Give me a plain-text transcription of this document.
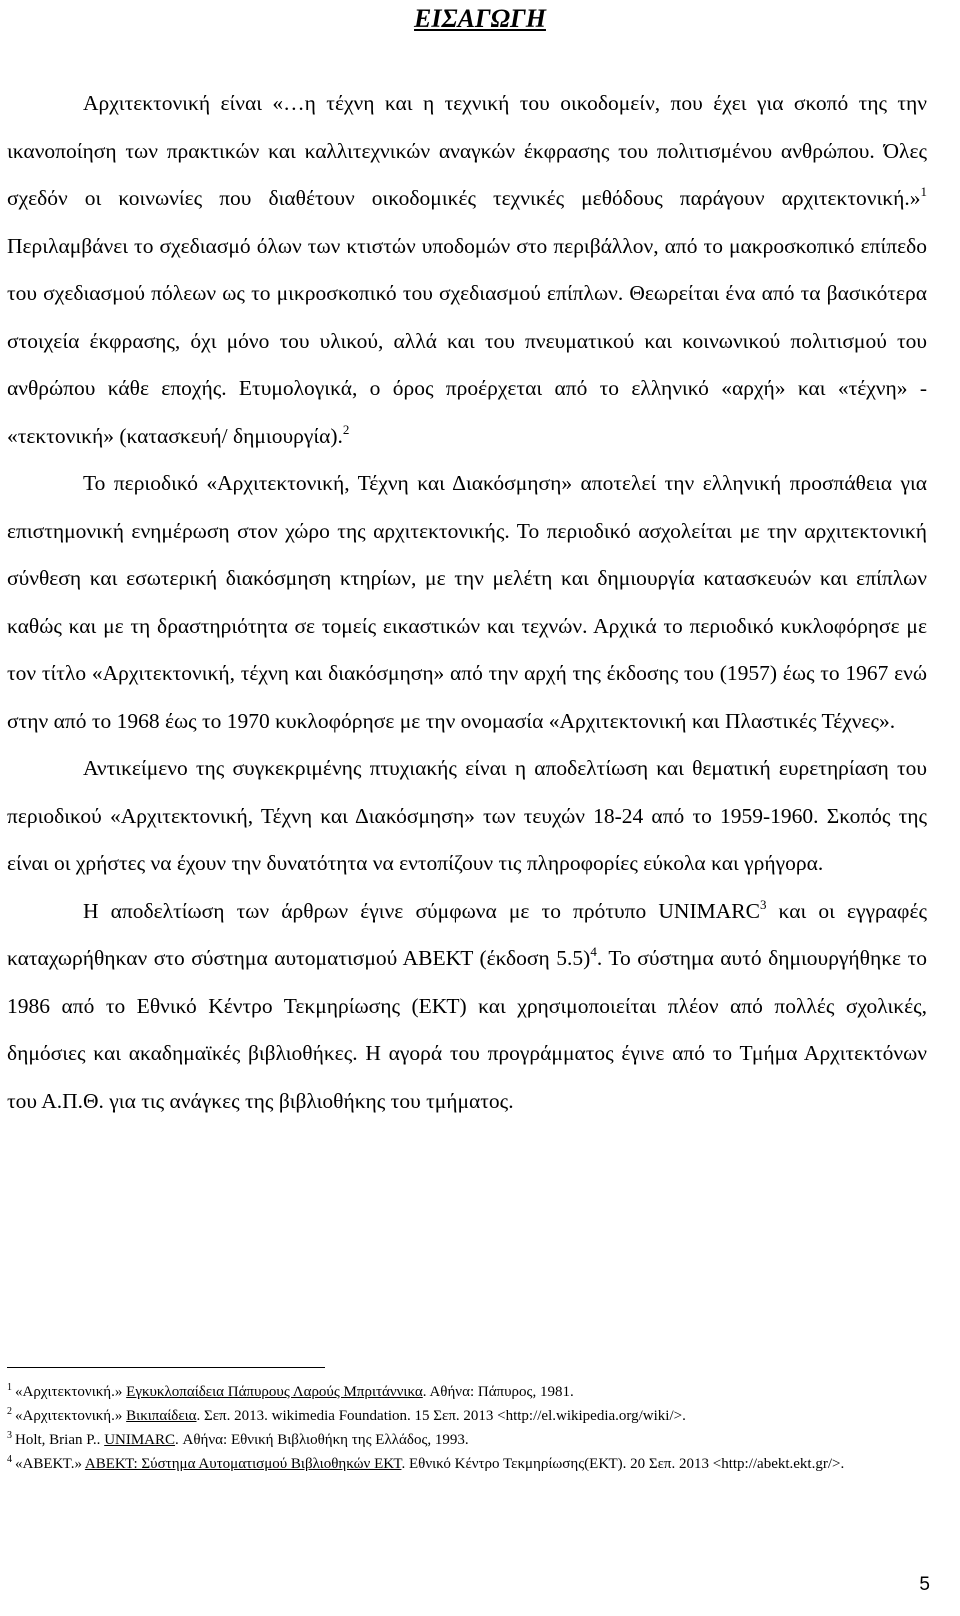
ΕΙΣΑΓΩΓΗ

Αρχιτεκτονική είναι «…η τέχνη και η τεχνική του οικοδομείν, που έχει για σκοπό της την ικανοποίηση των πρακτικών και καλλιτεχνικών αναγκών έκφρασης του πολιτισμένου ανθρώπου. Όλες σχεδόν οι κοινωνίες που διαθέτουν οικοδομικές τεχνικές μεθόδους παράγουν αρχιτεκτονική.»$^1$ Περιλαμβάνει το σχεδιασμό όλων των κτιστών υποδομών στο περιβάλλον, από το μακροσκοπικό επίπεδο του σχεδιασμού πόλεων ως το μικροσκοπικό του σχεδιασμού επίπλων. Θεωρείται ένα από τα βασικότερα στοιχεία έκφρασης, όχι μόνο του υλικού, αλλά και του πνευματικού και κοινωνικού πολιτισμού του ανθρώπου κάθε εποχής. Ετυμολογικά, ο όρος προέρχεται από το ελληνικό «αρχή» και «τέχνη» - «τεκτονική» (κατασκευή/ δημιουργία).$^2$

Το περιοδικό «Αρχιτεκτονική, Τέχνη και Διακόσμηση» αποτελεί την ελληνική προσπάθεια για επιστημονική ενημέρωση στον χώρο της αρχιτεκτονικής. Το περιοδικό ασχολείται με την αρχιτεκτονική σύνθεση και εσωτερική διακόσμηση κτηρίων, με την μελέτη και δημιουργία κατασκευών και επίπλων καθώς και με τη δραστηριότητα σε τομείς εικαστικών και τεχνών. Αρχικά το περιοδικό κυκλοφόρησε με τον τίτλο «Αρχιτεκτονική, τέχνη και διακόσμηση» από την αρχή της έκδοσης του (1957) έως το 1967 ενώ στην από το 1968 έως το 1970 κυκλοφόρησε με την ονομασία «Αρχιτεκτονική και Πλαστικές Τέχνες».

Αντικείμενο της συγκεκριμένης πτυχιακής είναι η αποδελτίωση και θεματική ευρετηρίαση του περιοδικού «Αρχιτεκτονική, Τέχνη και Διακόσμηση» των τευχών 18-24 από το 1959-1960. Σκοπός της είναι οι χρήστες να έχουν την δυνατότητα να εντοπίζουν τις πληροφορίες εύκολα και γρήγορα.

Η αποδελτίωση των άρθρων έγινε σύμφωνα με το πρότυπο UNIMARC$^3$ και οι εγγραφές καταχωρήθηκαν στο σύστημα αυτοματισμού ΑΒΕΚΤ (έκδοση 5.5)$^4$. Το σύστημα αυτό δημιουργήθηκε το 1986 από το Εθνικό Κέντρο Τεκμηρίωσης (ΕΚΤ) και χρησιμοποιείται πλέον από πολλές σχολικές, δημόσιες και ακαδημαϊκές βιβλιοθήκες. Η αγορά του προγράμματος έγινε από το Τμήμα Αρχιτεκτόνων του Α.Π.Θ. για τις ανάγκες της βιβλιοθήκης του τμήματος.

$^1$ «Αρχιτεκτονική.» Εγκυκλοπαίδεια Πάπυρους Λαρούς Μπριτάννικα. Αθήνα: Πάπυρος, 1981.

$^2$ «Αρχιτεκτονική.» Βικιπαίδεια. Σεπ. 2013. wikimedia Foundation. 15 Σεπ. 2013 <http://el.wikipedia.org/wiki/>.

$^3$ Holt, Brian P.. UNIMARC. Αθήνα: Εθνική Βιβλιοθήκη της Ελλάδος, 1993.

$^4$ «ΑΒΕΚΤ.» ΑΒΕΚΤ: Σύστημα Αυτοματισμού Βιβλιοθηκών ΕΚΤ. Εθνικό Κέντρο Τεκμηρίωσης(ΕΚΤ). 20 Σεπ. 2013 <http://abekt.ekt.gr/>.

5
